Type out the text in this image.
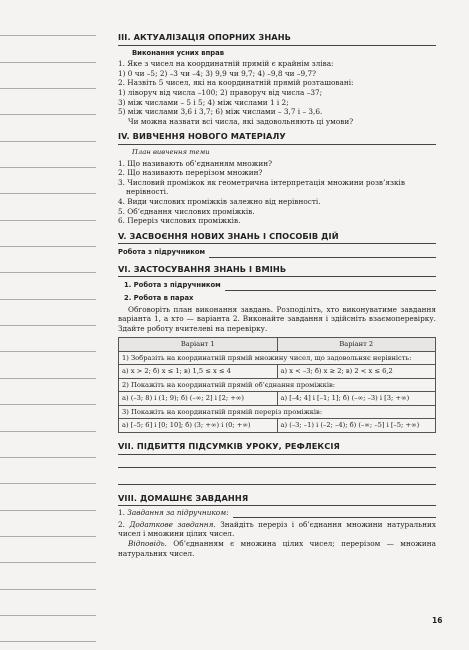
ІІІ. АКТУАЛІЗАЦІЯ ОПОРНИХ ЗНАНЬ
Виконання усних вправ

1. Яке з чисел на координатній прямій є крайнім зліва:

1) 0 чи –5; 2) –3 чи –4; 3) 9,9 чи 9,7; 4) –9,8 чи –9,7?

2. Назвіть 5 чисел, які на координатній прямій розташовані:

1) ліворуч від числа –100; 2) праворуч від числа –37;

3) між числами – 5 і 5; 4) між числами 1 і 2;

5) між числами 3,6 і 3,7; 6) між числами – 3,7 і – 3,6.

Чи можна назвати всі числа, які задовольняють ці умови?

ІV. ВИВЧЕННЯ НОВОГО МАТЕРІАЛУ
План вивчення теми

1. Що називають об’єднанням множин?

2. Що називають перерізом множин?

3. Числовий проміжок як геометрична інтерпретація множини розв’язків нерівності.

4. Види числових проміжків залежно від нерівності.

5. Об’єднання числових проміжків.

6. Переріз числових проміжків.

V. ЗАСВОЄННЯ НОВИХ ЗНАНЬ І СПОСОБІВ ДІЙ
Робота з підручником
VІ. ЗАСТОСУВАННЯ ЗНАНЬ І ВМІНЬ
1. Робота з підручником
2. Робота в парах

Обговоріть план виконання завдань. Розподіліть, хто виконуватиме завдання варіанта 1, а хто — варіанта 2. Виконайте завдання і здійсніть взаємоперевірку. Здайте роботу вчителеві на перевірку.

Варіант 1	Варіант 2
1) Зобразіть на координатній прямій множину чисел, що задовольняє нерівність:	
а) x > 2; б) x ≤ 1; в) 1,5 ≤ x ≤ 4	а) x < –3; б) x ≥ 2; в) 2 < x ≤ 6,2
2) Покажіть на координатній прямій об’єднання проміжків:	
а) (–3; 8) і (1; 9); б) (–∞; 2] і [2; +∞)	а) [–4; 4] і [–1; 1]; б) (–∞; –3) і [3; +∞)
3) Покажіть на координатній прямій переріз проміжків:	
а) [–5; 6] і [0; 10]; б) (3; +∞) і (0; +∞)	а) (–3; –1) і (–2; –4); б) (–∞; –5] і [–5; +∞)
VІІ. ПІДБИТТЯ ПІДСУМКІВ УРОКУ, РЕФЛЕКСІЯ
VІІІ. ДОМАШНЄ ЗАВДАННЯ
1.
Завдання за підручником:

2. Додаткове завдання. Знайдіть переріз і об’єднання множини натуральних чисел і множини цілих чисел.

Відповідь. Об’єднанням є множина цілих чисел; перерізом — множина натуральних чисел.

16
